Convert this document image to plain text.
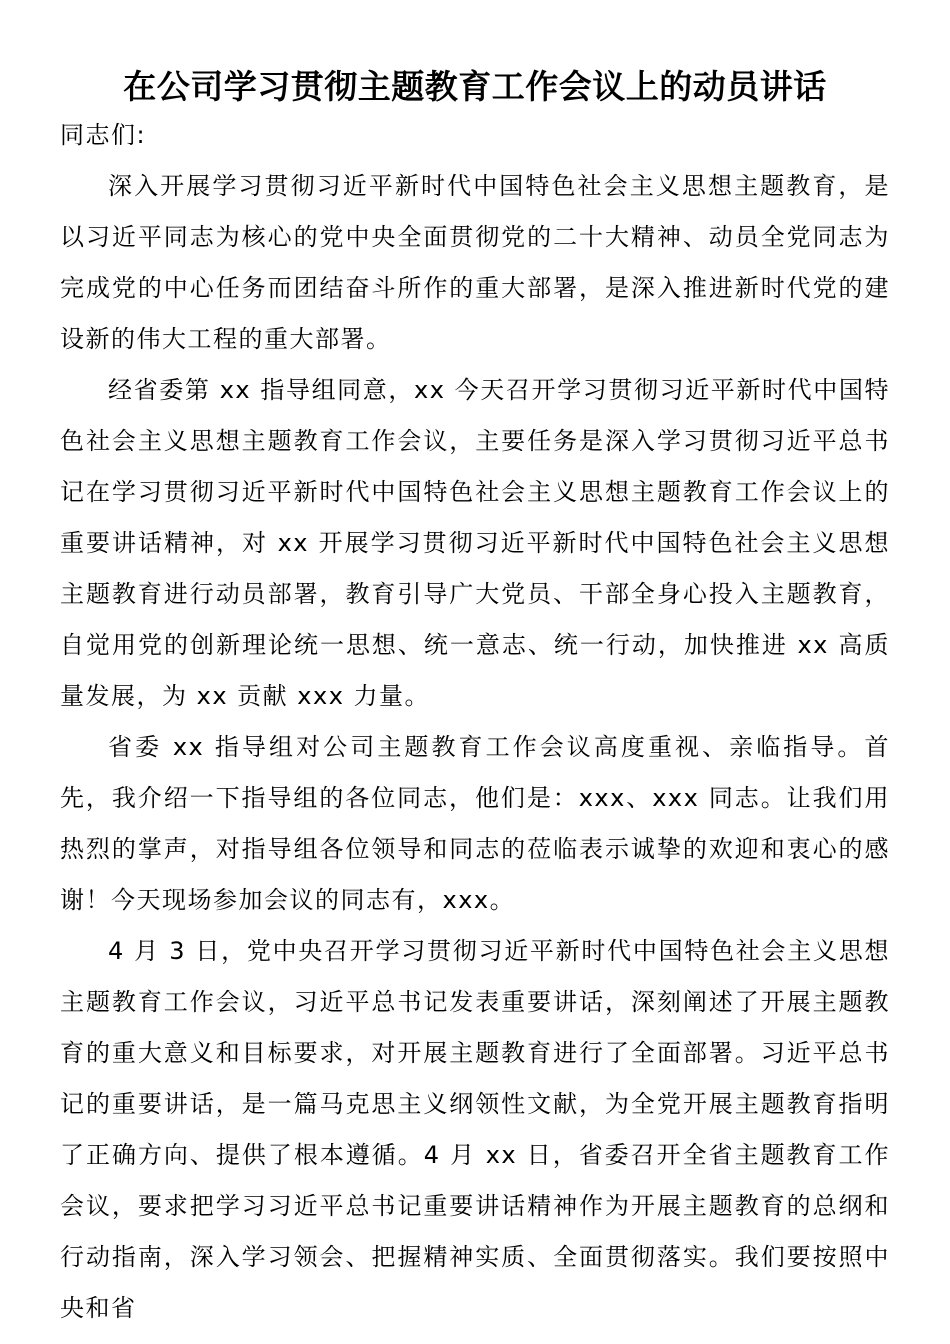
在公司学习贯彻主题教育工作会议上的动员讲话

同志们:

深入开展学习贯彻习近平新时代中国特色社会主义思想主题教育，是以习近平同志为核心的党中央全面贯彻党的二十大精神、动员全党同志为完成党的中心任务而团结奋斗所作的重大部署，是深入推进新时代党的建设新的伟大工程的重大部署。

经省委第 xx 指导组同意，xx 今天召开学习贯彻习近平新时代中国特色社会主义思想主题教育工作会议，主要任务是深入学习贯彻习近平总书记在学习贯彻习近平新时代中国特色社会主义思想主题教育工作会议上的重要讲话精神，对 xx 开展学习贯彻习近平新时代中国特色社会主义思想主题教育进行动员部署，教育引导广大党员、干部全身心投入主题教育，自觉用党的创新理论统一思想、统一意志、统一行动，加快推进 xx 高质量发展，为 xx 贡献 xxx 力量。

省委 xx 指导组对公司主题教育工作会议高度重视、亲临指导。首先，我介绍一下指导组的各位同志，他们是：xxx、xxx 同志。让我们用热烈的掌声，对指导组各位领导和同志的莅临表示诚挚的欢迎和衷心的感谢！今天现场参加会议的同志有，xxx。

4 月 3 日，党中央召开学习贯彻习近平新时代中国特色社会主义思想主题教育工作会议，习近平总书记发表重要讲话，深刻阐述了开展主题教育的重大意义和目标要求，对开展主题教育进行了全面部署。习近平总书记的重要讲话，是一篇马克思主义纲领性文献，为全党开展主题教育指明了正确方向、提供了根本遵循。4 月 xx 日，省委召开全省主题教育工作会议，要求把学习习近平总书记重要讲话精神作为开展主题教育的总纲和行动指南，深入学习领会、把握精神实质、全面贯彻落实。我们要按照中央和省
